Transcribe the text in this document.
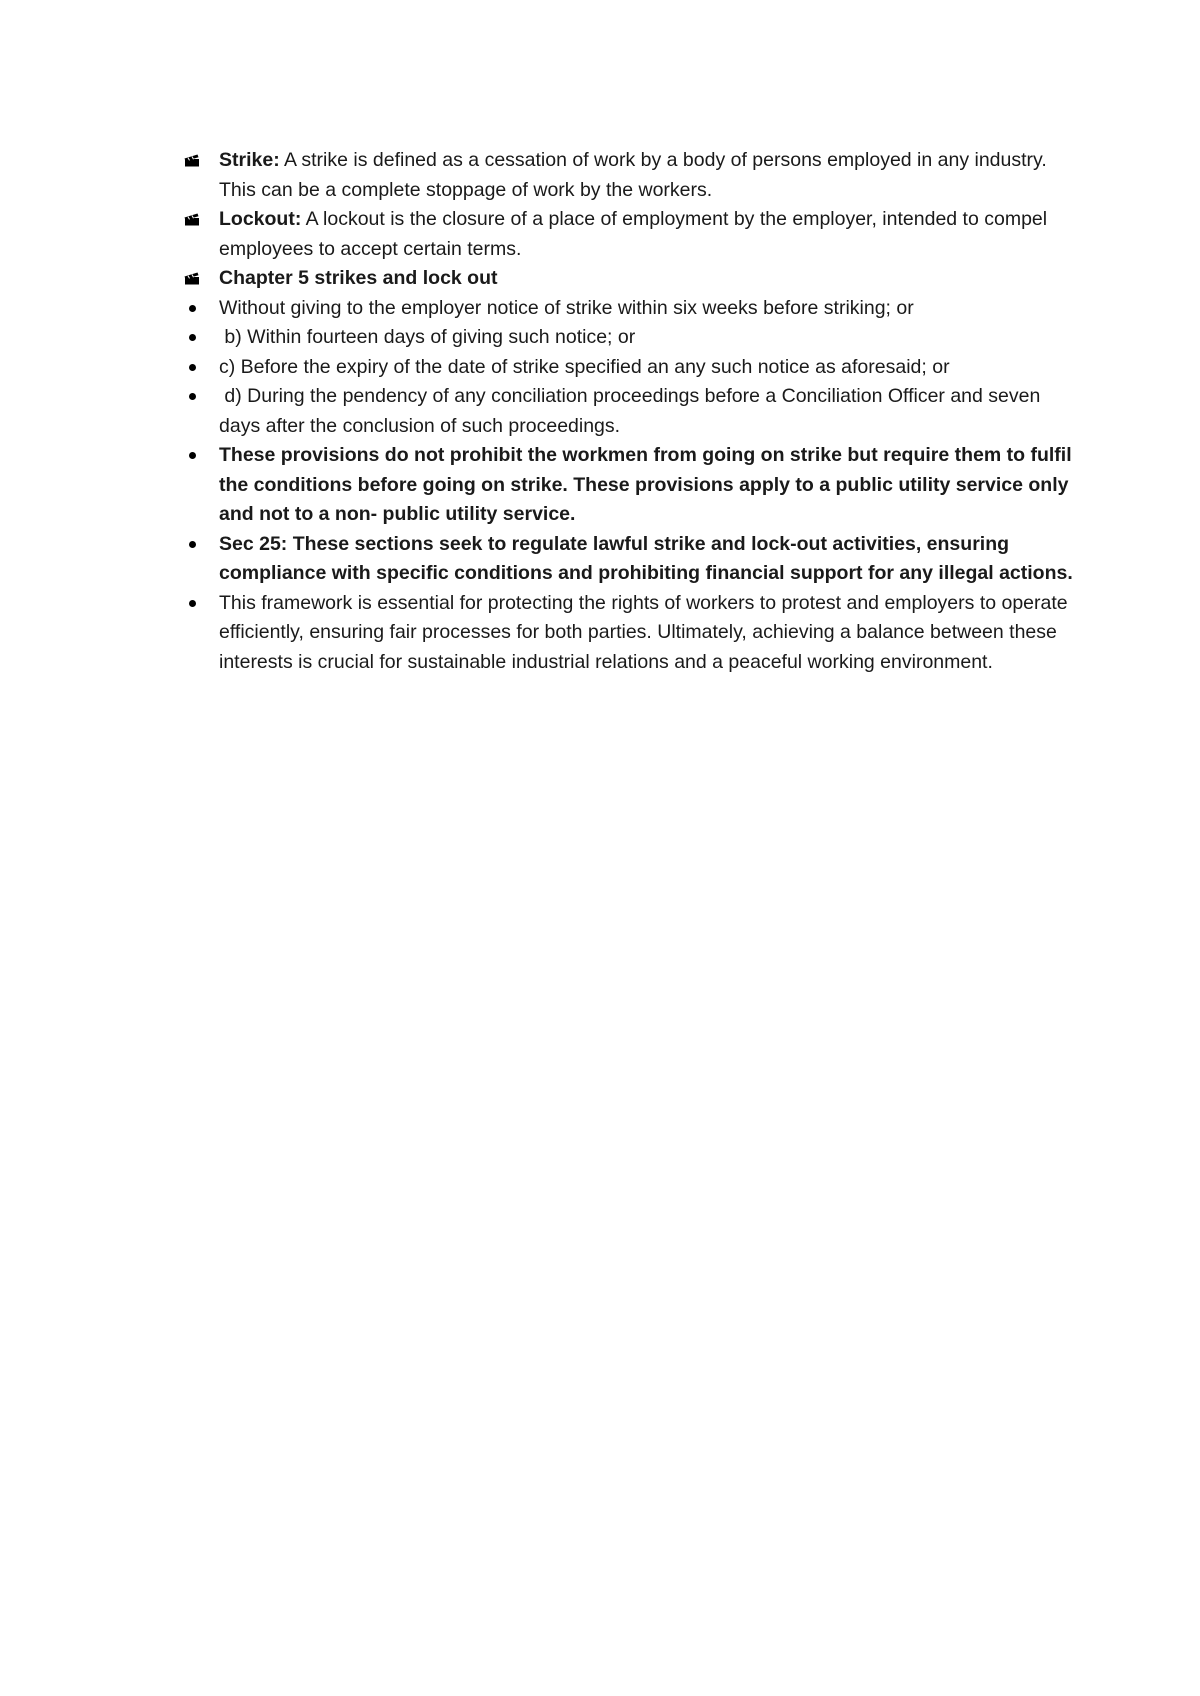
Strike: A strike is defined as a cessation of work by a body of persons employed in any industry. This can be a complete stoppage of work by the workers.

Lockout: A lockout is the closure of a place of employment by the employer, intended to compel employees to accept certain terms.

Chapter 5 strikes and lock out

Without giving to the employer notice of strike within six weeks before striking; or

b) Within fourteen days of giving such notice; or

c) Before the expiry of the date of strike specified an any such notice as aforesaid; or

d) During the pendency of any conciliation proceedings before a Conciliation Officer and seven days after the conclusion of such proceedings.

These provisions do not prohibit the workmen from going on strike but require them to fulfil the conditions before going on strike. These provisions apply to a public utility service only and not to a non- public utility service.

Sec 25: These sections seek to regulate lawful strike and lock-out activities, ensuring compliance with specific conditions and prohibiting financial support for any illegal actions.

This framework is essential for protecting the rights of workers to protest and employers to operate efficiently, ensuring fair processes for both parties. Ultimately, achieving a balance between these interests is crucial for sustainable industrial relations and a peaceful working environment.
